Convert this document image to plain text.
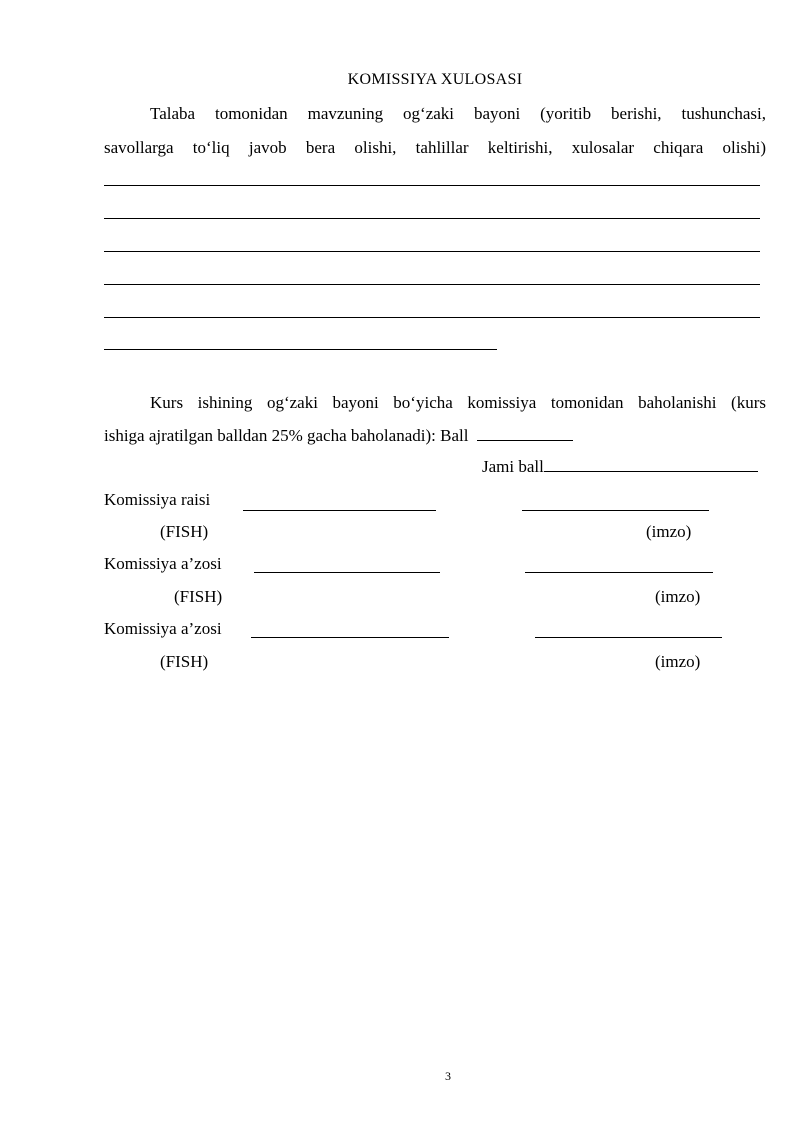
KOMISSIYA XULOSASI
Talaba tomonidan mavzuning og‘zaki bayoni (yoritib berishi, tushunchasi,
savollarga to‘liq javob bera olishi, tahlillar keltirishi, xulosalar chiqara olishi)
Kurs ishining og‘zaki bayoni bo‘yicha komissiya tomonidan baholanishi (kurs
ishiga ajratilgan balldan 25% gacha baholanadi): Ball
Jami ball
Komissiya raisi
(FISH)	(imzo)
Komissiya a’zosi
(FISH)	(imzo)
Komissiya a’zosi
(FISH)	(imzo)
3
